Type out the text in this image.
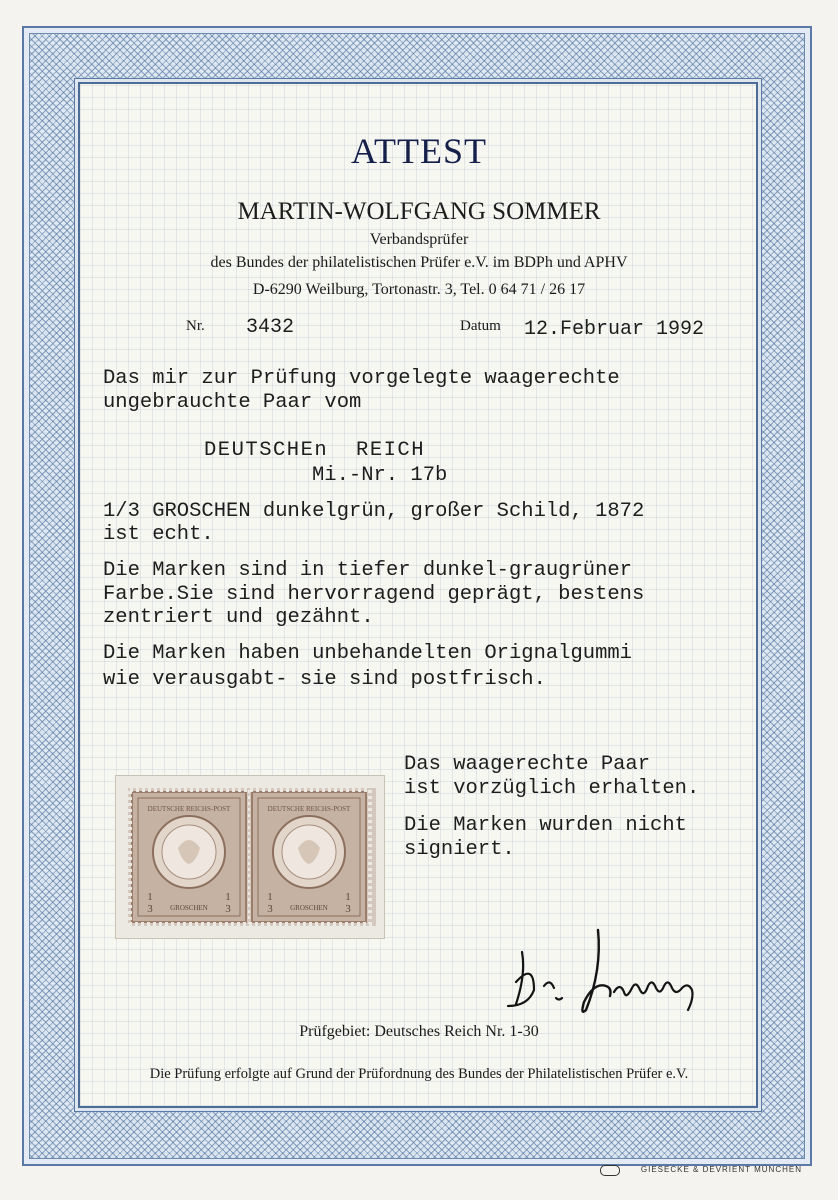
ATTEST
MARTIN-WOLFGANG SOMMER
Verbandsprüfer
des Bundes der philatelistischen Prüfer e.V. im BDPh und APHV
D-6290 Weilburg, Tortonastr. 3, Tel. 0 64 71 / 26 17
Nr. 3432	Datum 12.Februar 1992
Das mir zur Prüfung vorgelegte waagerechte
ungebrauchte Paar vom
DEUTSCHEn REICH
Mi.-Nr. 17b
1/3 GROSCHEN dunkelgrün, großer Schild, 1872
ist echt.
Die Marken sind in tiefer dunkel-graugrüner
Farbe.Sie sind hervorragend geprägt, bestens
zentriert und gezähnt.
Die Marken haben unbehandelten Orignalgummi
wie verausgabt- sie sind postfrisch.
Das waagerechte Paar
ist vorzüglich erhalten.
Die Marken wurden nicht
signiert.
DEUTSCHE REICHS-POST
1
3
1
3
GROSCHEN
DEUTSCHE REICHS-POST
1
3
1
3
GROSCHEN
Prüfgebiet: Deutsches Reich Nr. 1-30
Die Prüfung erfolgte auf Grund der Prüfordnung des Bundes der Philatelistischen Prüfer e.V.
GIESECKE & DEVRIENT MÜNCHEN
